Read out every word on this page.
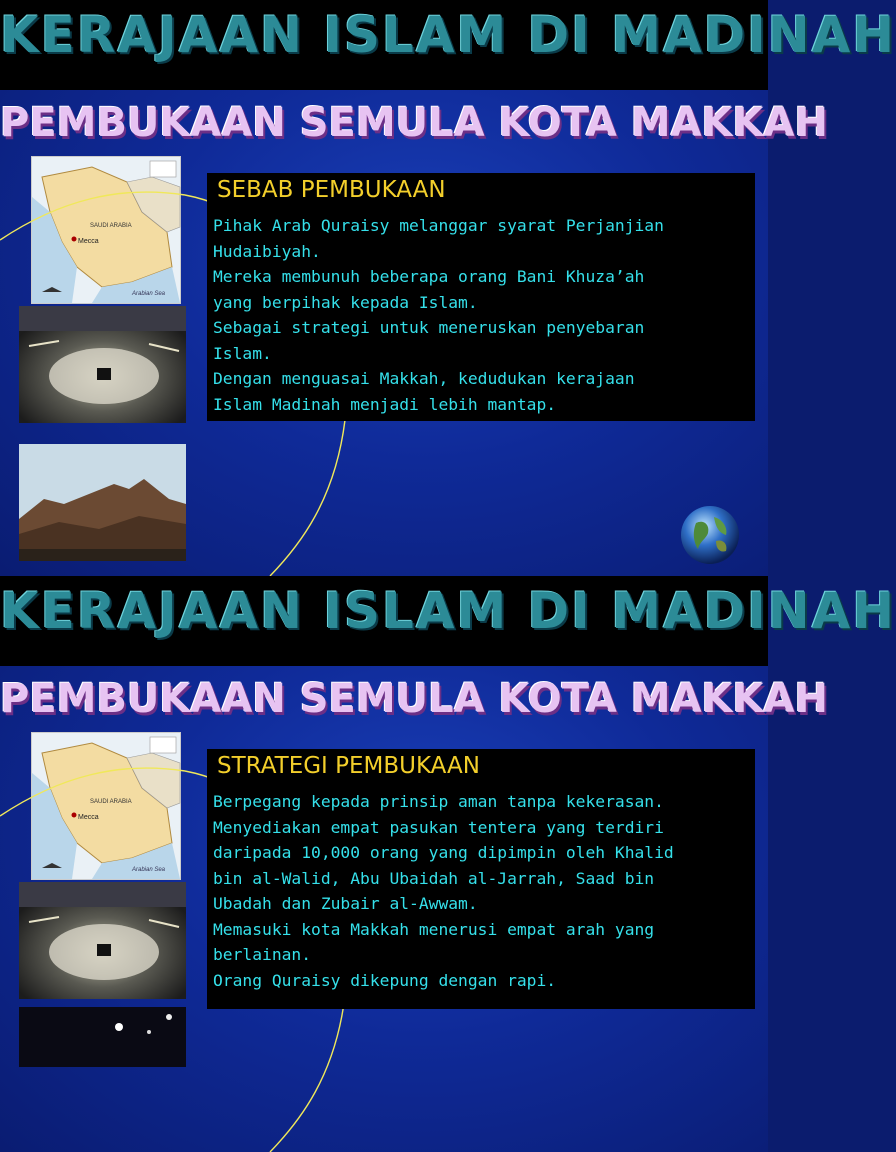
KERAJAAN ISLAM DI MADINAH
PEMBUKAAN SEMULA KOTA MAKKAH
Mecca
SAUDI ARABIA
Arabian Sea
SEBAB PEMBUKAAN
Pihak Arab Quraisy melanggar syarat Perjanjian
Hudaibiyah.
Mereka membunuh beberapa orang Bani Khuza’ah
yang berpihak kepada Islam.
Sebagai strategi untuk meneruskan penyebaran
Islam.
Dengan menguasai Makkah, kedudukan kerajaan
Islam Madinah menjadi lebih mantap.
KERAJAAN ISLAM DI MADINAH
PEMBUKAAN SEMULA KOTA MAKKAH
Mecca
SAUDI ARABIA
Arabian Sea
STRATEGI PEMBUKAAN
Berpegang kepada prinsip aman tanpa kekerasan.
Menyediakan empat pasukan tentera yang terdiri
daripada 10,000 orang yang dipimpin oleh Khalid
bin al-Walid, Abu Ubaidah al-Jarrah, Saad bin
Ubadah dan Zubair al-Awwam.
Memasuki kota Makkah menerusi empat arah yang
berlainan.
Orang Quraisy dikepung dengan rapi.
